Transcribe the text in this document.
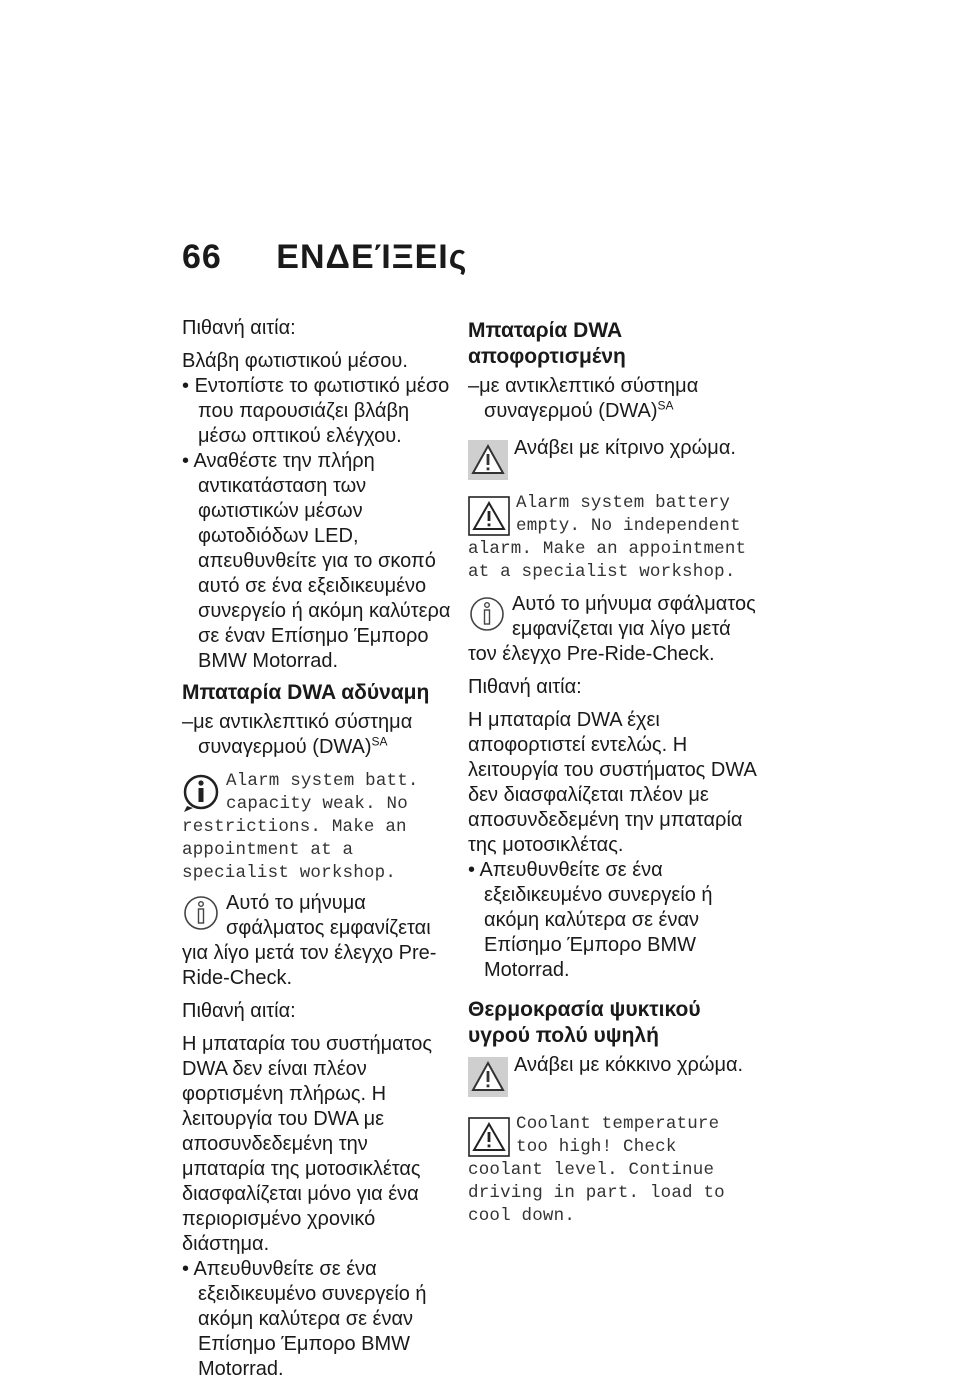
66 ΕΝΔΕΊΞΕΙς

Πιθανή αιτία:

Βλάβη φωτιστικού μέσου.

• Εντοπίστε το φωτιστικό μέσο που παρουσιάζει βλάβη μέσω οπτικού ελέγχου.

• Αναθέστε την πλήρη αντικατάσταση των φωτιστικών μέσων φωτοδιόδων LED, απευθυνθείτε για το σκοπό αυτό σε ένα εξειδικευμένο συνεργείο ή ακόμη καλύτερα σε έναν Επίσημο Έμπορο BMW Motorrad.

Μπαταρία DWA αδύναμη

–με αντικλεπτικό σύστημα συναγερμού (DWA)$^{SA}$

Alarm system batt. capacity weak. No restrictions. Make an appointment at a specialist workshop.

Αυτό το μήνυμα σφάλματος εμφανίζεται για λίγο μετά τον έλεγχο Pre-Ride-Check.

Πιθανή αιτία:

Η μπαταρία του συστήματος DWA δεν είναι πλέον φορτισμένη πλήρως. Η λειτουργία του DWA με αποσυνδεδεμένη την μπαταρία της μοτοσικλέτας διασφαλίζεται μόνο για ένα περιορισμένο χρονικό διάστημα.

• Απευθυνθείτε σε ένα εξειδικευμένο συνεργείο ή ακόμη καλύτερα σε έναν Επίσημο Έμπορο BMW Motorrad.

Μπαταρία DWA αποφορτισμένη

–με αντικλεπτικό σύστημα συναγερμού (DWA)$^{SA}$

Ανάβει με κίτρινο χρώμα.

Alarm system battery empty. No independent alarm. Make an appointment at a specialist workshop.

Αυτό το μήνυμα σφάλματος εμφανίζεται για λίγο μετά τον έλεγχο Pre-Ride-Check.

Πιθανή αιτία:

Η μπαταρία DWA έχει αποφορτιστεί εντελώς. Η λειτουργία του συστήματος DWA δεν διασφαλίζεται πλέον με αποσυνδεδεμένη την μπαταρία της μοτοσικλέτας.

• Απευθυνθείτε σε ένα εξειδικευμένο συνεργείο ή ακόμη καλύτερα σε έναν Επίσημο Έμπορο BMW Motorrad.

Θερμοκρασία ψυκτικού υγρού πολύ υψηλή

Ανάβει με κόκκινο χρώμα.

Coolant temperature too high! Check coolant level. Continue driving in part. load to cool down.
